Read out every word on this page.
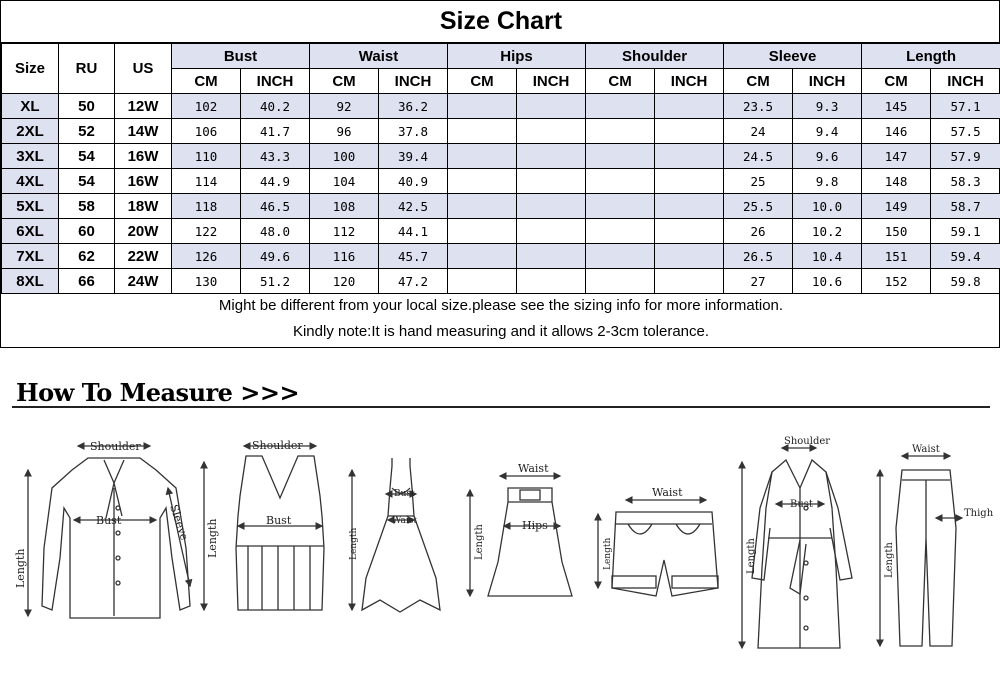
Size Chart
Size	RU	US	Bust		Waist		Hips		Shoulder		Sleeve		Length	
			CM	INCH	CM	INCH	CM	INCH	CM	INCH	CM	INCH	CM	INCH
XL	50	12W	102	40.2	92	36.2					23.5	9.3	145	57.1
2XL	52	14W	106	41.7	96	37.8					24	9.4	146	57.5
3XL	54	16W	110	43.3	100	39.4					24.5	9.6	147	57.9
4XL	54	16W	114	44.9	104	40.9					25	9.8	148	58.3
5XL	58	18W	118	46.5	108	42.5					25.5	10.0	149	58.7
6XL	60	20W	122	48.0	112	44.1					26	10.2	150	59.1
7XL	62	22W	126	49.6	116	45.7					26.5	10.4	151	59.4
8XL	66	24W	130	51.2	120	47.2					27	10.6	152	59.8
Might be different from your local size.please see the sizing info for more information.
Kindly note:It is hand measuring and it allows 2-3cm tolerance.
How To Measure >>>
Shoulder
Length
Bust	Sleeve
Shoulder
Length	Bust
Length
Bust
Waist
Waist
Length	Hips
Waist
Length
Shoulder
Length
Bust
Waist
Length
Thigh
